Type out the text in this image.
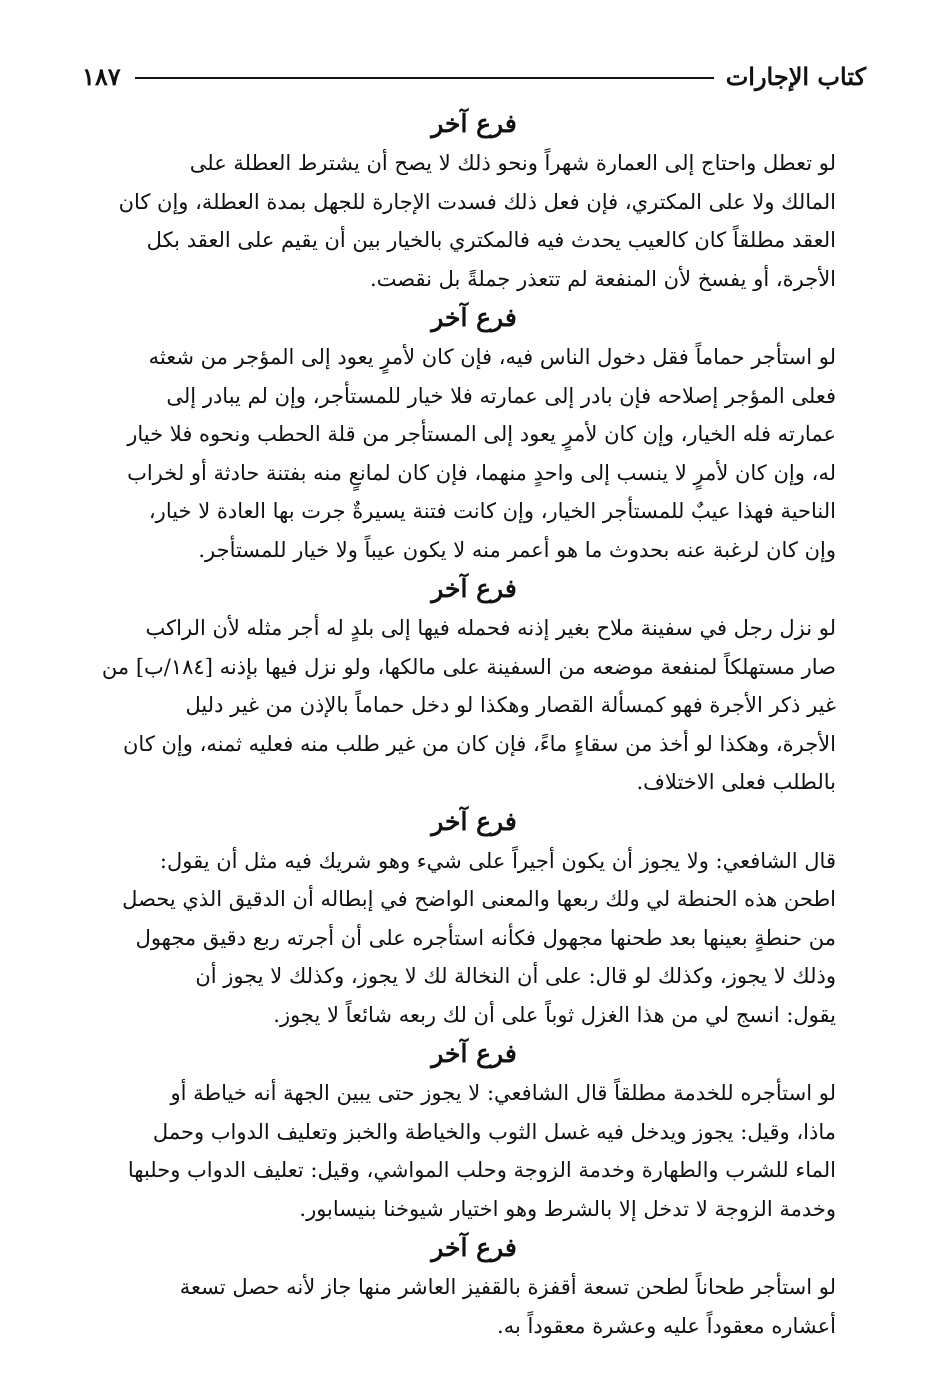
كتاب الإجارات
١٨٧
فرع آخر

لو تعطل واحتاج إلى العمارة شهراً ونحو ذلك لا يصح أن يشترط العطلة على
المالك ولا على المكتري، فإن فعل ذلك فسدت الإجارة للجهل بمدة العطلة، وإن كان
العقد مطلقاً كان كالعيب يحدث فيه فالمكتري بالخيار بين أن يقيم على العقد بكل
الأجرة، أو يفسخ لأن المنفعة لم تتعذر جملةً بل نقصت.

فرع آخر

لو استأجر حماماً فقل دخول الناس فيه، فإن كان لأمرٍ يعود إلى المؤجر من شعثه
فعلى المؤجر إصلاحه فإن بادر إلى عمارته فلا خيار للمستأجر، وإن لم يبادر إلى
عمارته فله الخيار، وإن كان لأمرٍ يعود إلى المستأجر من قلة الحطب ونحوه فلا خيار
له، وإن كان لأمرٍ لا ينسب إلى واحدٍ منهما، فإن كان لمانعٍ منه بفتنة حادثة أو لخراب
الناحية فهذا عيبٌ للمستأجر الخيار، وإن كانت فتنة يسيرةٌ جرت بها العادة لا خيار،
وإن كان لرغبة عنه بحدوث ما هو أعمر منه لا يكون عيباً ولا خيار للمستأجر.

فرع آخر

لو نزل رجل في سفينة ملاح بغير إذنه فحمله فيها إلى بلدٍ له أجر مثله لأن الراكب
صار مستهلكاً لمنفعة موضعه من السفينة على مالكها، ولو نزل فيها بإذنه [١٨٤/ب] من
غير ذكر الأجرة فهو كمسألة القصار وهكذا لو دخل حماماً بالإذن من غير دليل
الأجرة، وهكذا لو أخذ من سقاءٍ ماءً، فإن كان من غير طلب منه فعليه ثمنه، وإن كان
بالطلب فعلى الاختلاف.

فرع آخر

قال الشافعي: ولا يجوز أن يكون أجيراً على شيء وهو شريك فيه مثل أن يقول:
اطحن هذه الحنطة لي ولك ربعها والمعنى الواضح في إبطاله أن الدقيق الذي يحصل
من حنطةٍ بعينها بعد طحنها مجهول فكأنه استأجره على أن أجرته ربع دقيق مجهول
وذلك لا يجوز، وكذلك لو قال: على أن النخالة لك لا يجوز، وكذلك لا يجوز أن
يقول: انسج لي من هذا الغزل ثوباً على أن لك ربعه شائعاً لا يجوز.

فرع آخر

لو استأجره للخدمة مطلقاً قال الشافعي: لا يجوز حتى يبين الجهة أنه خياطة أو
ماذا، وقيل: يجوز ويدخل فيه غسل الثوب والخياطة والخبز وتعليف الدواب وحمل
الماء للشرب والطهارة وخدمة الزوجة وحلب المواشي، وقيل: تعليف الدواب وحلبها
وخدمة الزوجة لا تدخل إلا بالشرط وهو اختيار شيوخنا بنيسابور.

فرع آخر

لو استأجر طحاناً لطحن تسعة أقفزة بالقفيز العاشر منها جاز لأنه حصل تسعة
أعشاره معقوداً عليه وعشرة معقوداً به.
